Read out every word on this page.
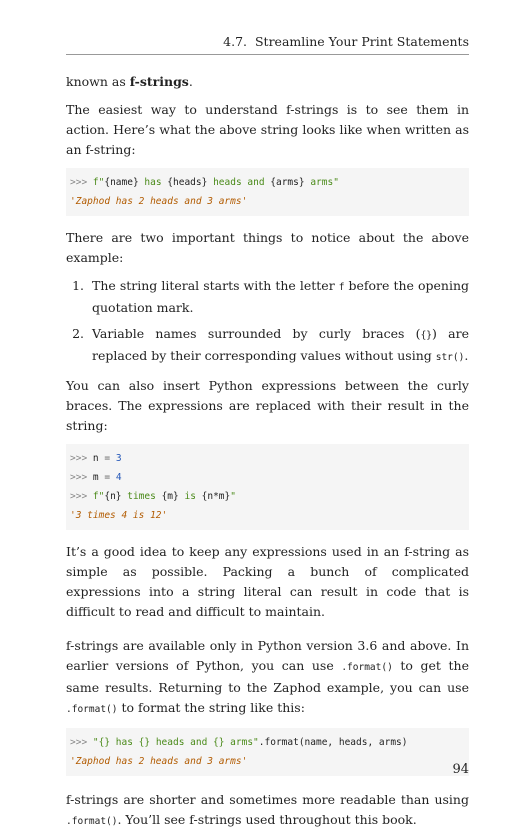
4.7. Streamline Your Print Statements

known as f-strings.

The easiest way to understand f-strings is to see them in action. Here’s what the above string looks like when written as an f-string:

>>> f"{name} has {heads} heads and {arms} arms"
'Zaphod has 2 heads and 3 arms'

There are two important things to notice about the above example:

1. The string literal starts with the letter f before the opening quotation mark.
2. Variable names surrounded by curly braces ({}) are replaced by their corresponding values without using str().

You can also insert Python expressions between the curly braces. The expressions are replaced with their result in the string:

>>> n = 3
>>> m = 4
>>> f"{n} times {m} is {n*m}"
'3 times 4 is 12'

It’s a good idea to keep any expressions used in an f-string as simple as possible. Packing a bunch of complicated expressions into a string literal can result in code that is difficult to read and difficult to maintain.

f-strings are available only in Python version 3.6 and above. In earlier versions of Python, you can use .format() to get the same results. Returning to the Zaphod example, you can use .format() to format the string like this:

>>> "{} has {} heads and {} arms".format(name, heads, arms)
'Zaphod has 2 heads and 3 arms'

f-strings are shorter and sometimes more readable than using .format(). You’ll see f-strings used throughout this book.

94
